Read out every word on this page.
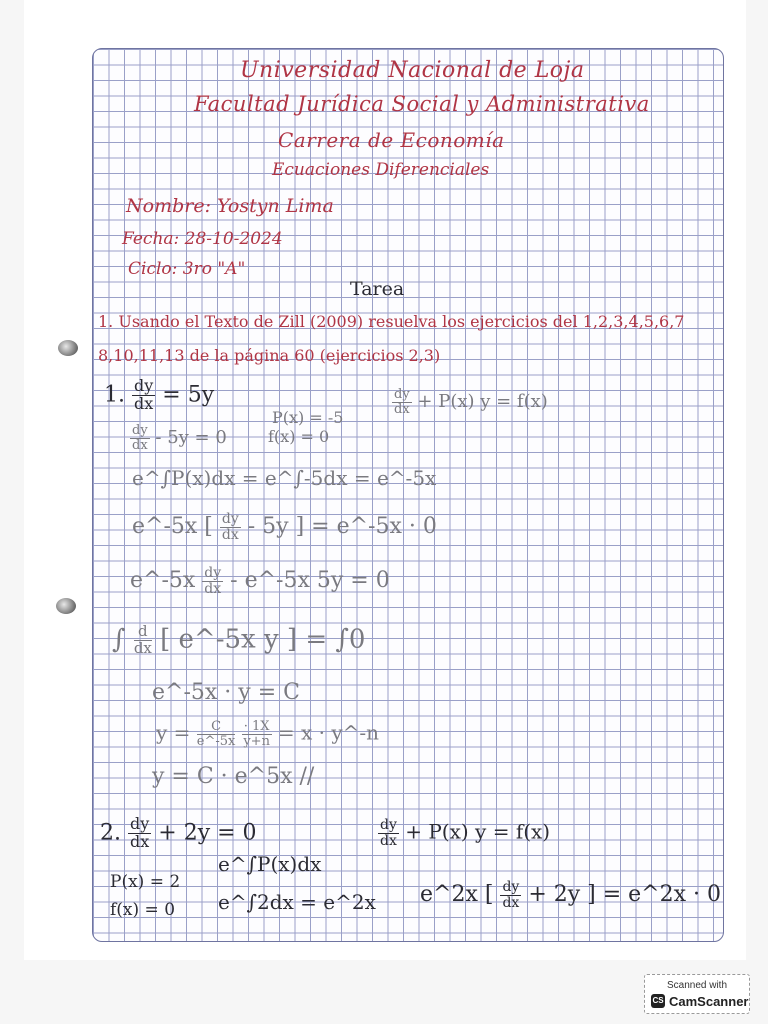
Universidad Nacional de Loja
Facultad Jurídica Social y Administrativa
Carrera de Economía
Ecuaciones Diferenciales
Nombre: Yostyn Lima
Fecha: 28-10-2024
Ciclo: 3ro "A"
Tarea
1. Usando el Texto de Zill (2009) resuelva los ejercicios del 1,2,3,4,5,6,7
8,10,11,13 de la página 60 (ejercicios 2,3)
1. $\frac{dy}{dx} = 5y$	$\frac{dy}{dx} + P(x) y = f(x)$
P(x) = -5
f(x) = 0
$\frac{dy}{dx} - 5y = 0$
e^∫P(x)dx = e^∫-5dx = e^-5x
e^-5x [ $\frac{dy}{dx} - 5y$ ] = e^-5x · 0
e^-5x $\frac{dy}{dx}$ - e^-5x 5y = 0
∫ $\frac{d}{dx}$ [ e^-5x y ] = ∫0
e^-5x · y = C
$y = \frac{C}{e\^{}-5x}$
$\frac{\cdot 1X}{y+n} = x$ · y^-n
y = C · e^5x //
2. $\frac{dy}{dx} + 2y = 0$	$\frac{dy}{dx} + P(x) y = f(x)$
P(x) = 2
f(x) = 0
e^∫P(x)dx
e^∫2dx = e^2x e^2x [ $\frac{dy}{dx} + 2y$ ] = e^2x · 0
Scanned with
CS CamScanner
